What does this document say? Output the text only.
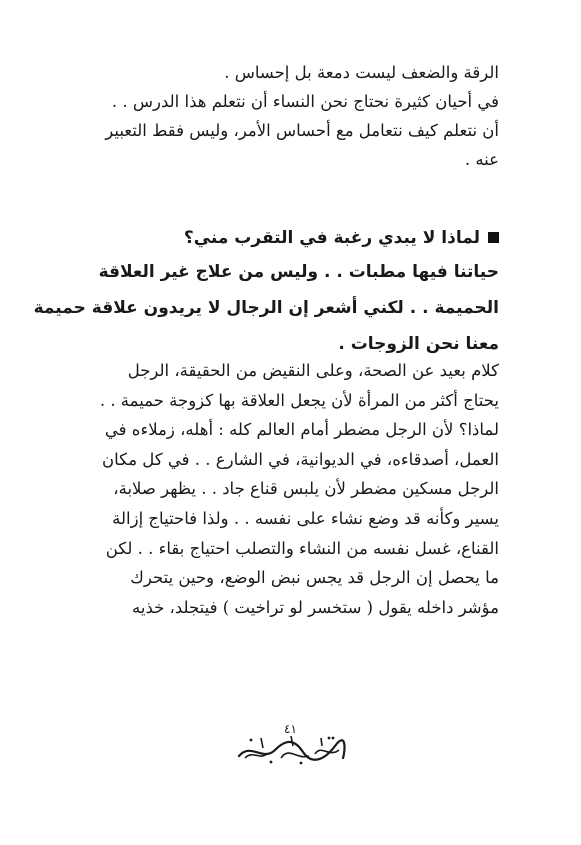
الرقة والضعف ليست دمعة بل إحساس .
في أحيان كثيرة نحتاج نحن النساء أن نتعلم هذا الدرس . .
أن نتعلم كيف نتعامل مع أحساس الأمر، وليس فقط التعبير
عنه .
لماذا لا يبدي رغبة في التقرب مني؟
حياتنا فيها مطبات . . وليس من علاج غير العلاقة
الحميمة . . لكني أشعر إن الرجال لا يريدون علاقة حميمة
معنا نحن الزوجات .
كلام بعيد عن الصحة، وعلى النقيض من الحقيقة، الرجل
يحتاج أكثر من المرأة لأن يجعل العلاقة بها كزوجة حميمة . .
لماذا؟ لأن الرجل مضطر أمام العالم كله : أهله، زملاءه في
العمل، أصدقاءه، في الديوانية، في الشارع . . في كل مكان
الرجل مسكين مضطر لأن يلبس قناع جاد . . يظهر صلابة،
يسير وكأنه قد وضع نشاء على نفسه . . ولذا فاحتياج إزالة
القناع، غسل نفسه من النشاء والتصلب احتياج بقاء . . لكن
ما يحصل إن الرجل قد يجس نبض الوضع، وحين يتحرك
مؤشر داخله يقول ( ستخسر لو تراخيت ) فيتجلد، خذيه
٤١
